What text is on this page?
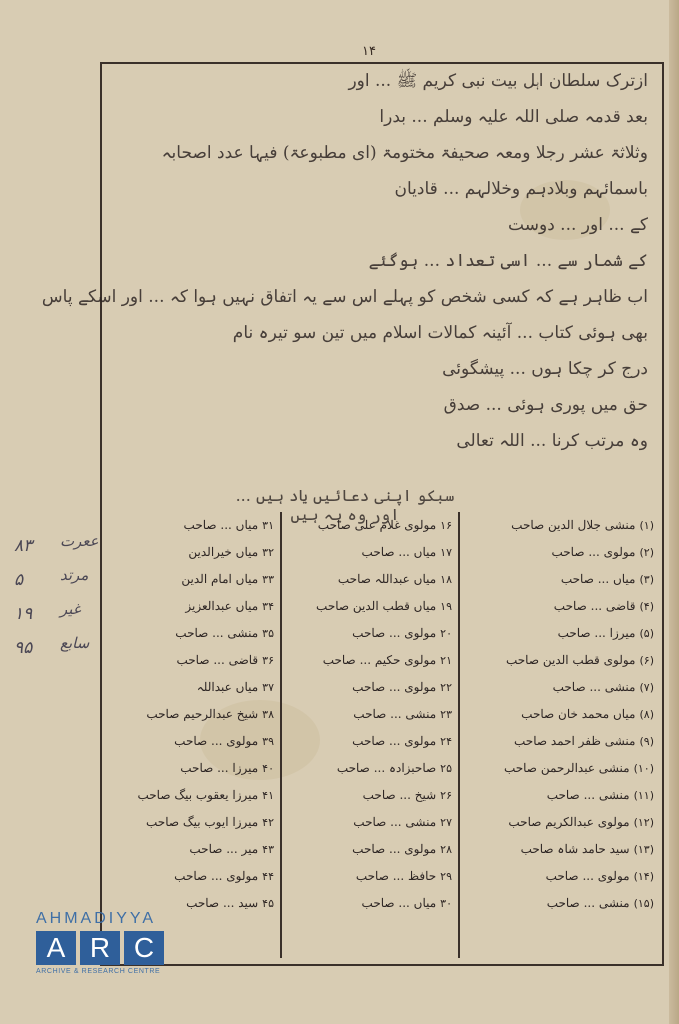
۱۴
ازترک سلطان اہل بیت نبی کریم ﷺ ... اور
بعد قدمہ صلی اللہ علیہ وسلم ... بدرا
وثلاثۃ عشر رجلا ومعہ صحیفۃ مختومۃ (ای مطبوعۃ) فیہا عدد اصحابہ
باسمائہم وبلادہم وخلالہم ... قادیان
کے ... اور ... دوست
کے شمار سے ... اسی تعداد ... ہوگئے
اب ظاہر ہے کہ کسی شخص کو پہلے اس سے یہ اتفاق نہیں ہوا کہ ... اور اسکے پاس
بھی ہوئی کتاب ... آئینہ کمالات اسلام میں تین سو تیرہ نام
درج کر چکا ہوں ... پیشگوئی
حق میں پوری ہوئی ... صدق
وہ مرتب کرنا ... اللہ تعالی
سبکو اپنی دعائیں یاد ہیں ... اور وہ یہ ہیں
۳۱میاں ... صاحب
۳۲میاں خیرالدین
۳۳میاں امام الدین
۳۴میاں عبدالعزیز
۳۵منشی ... صاحب
۳۶قاضی ... صاحب
۳۷میاں عبداللہ
۳۸شیخ عبدالرحیم صاحب
۳۹مولوی ... صاحب
۴۰میرزا ... صاحب
۴۱میرزا یعقوب بیگ صاحب
۴۲میرزا ایوب بیگ صاحب
۴۳میر ... صاحب
۴۴مولوی ... صاحب
۴۵سید ... صاحب
۱۶مولوی غلام علی صاحب
۱۷میاں ... صاحب
۱۸میاں عبداللہ صاحب
۱۹میاں قطب الدین صاحب
۲۰مولوی ... صاحب
۲۱مولوی حکیم ... صاحب
۲۲مولوی ... صاحب
۲۳منشی ... صاحب
۲۴مولوی ... صاحب
۲۵صاحبزادہ ... صاحب
۲۶شیخ ... صاحب
۲۷منشی ... صاحب
۲۸مولوی ... صاحب
۲۹حافظ ... صاحب
۳۰میاں ... صاحب
(۱)منشی جلال الدین صاحب
(۲)مولوی ... صاحب
(۳)میاں ... صاحب
(۴)قاضی ... صاحب
(۵)میرزا ... صاحب
(۶)مولوی قطب الدین صاحب
(۷)منشی ... صاحب
(۸)میاں محمد خان صاحب
(۹)منشی ظفر احمد صاحب
(۱۰)منشی عبدالرحمن صاحب
(۱۱)منشی ... صاحب
(۱۲)مولوی عبدالکریم صاحب
(۱۳)سید حامد شاہ صاحب
(۱۴)مولوی ... صاحب
(۱۵)منشی ... صاحب
۸۳ ععرت
۵ مرتد
۱۹ غیر
۹۵ سابع
AHMADIYYA
A R C
ARCHIVE & RESEARCH CENTRE
